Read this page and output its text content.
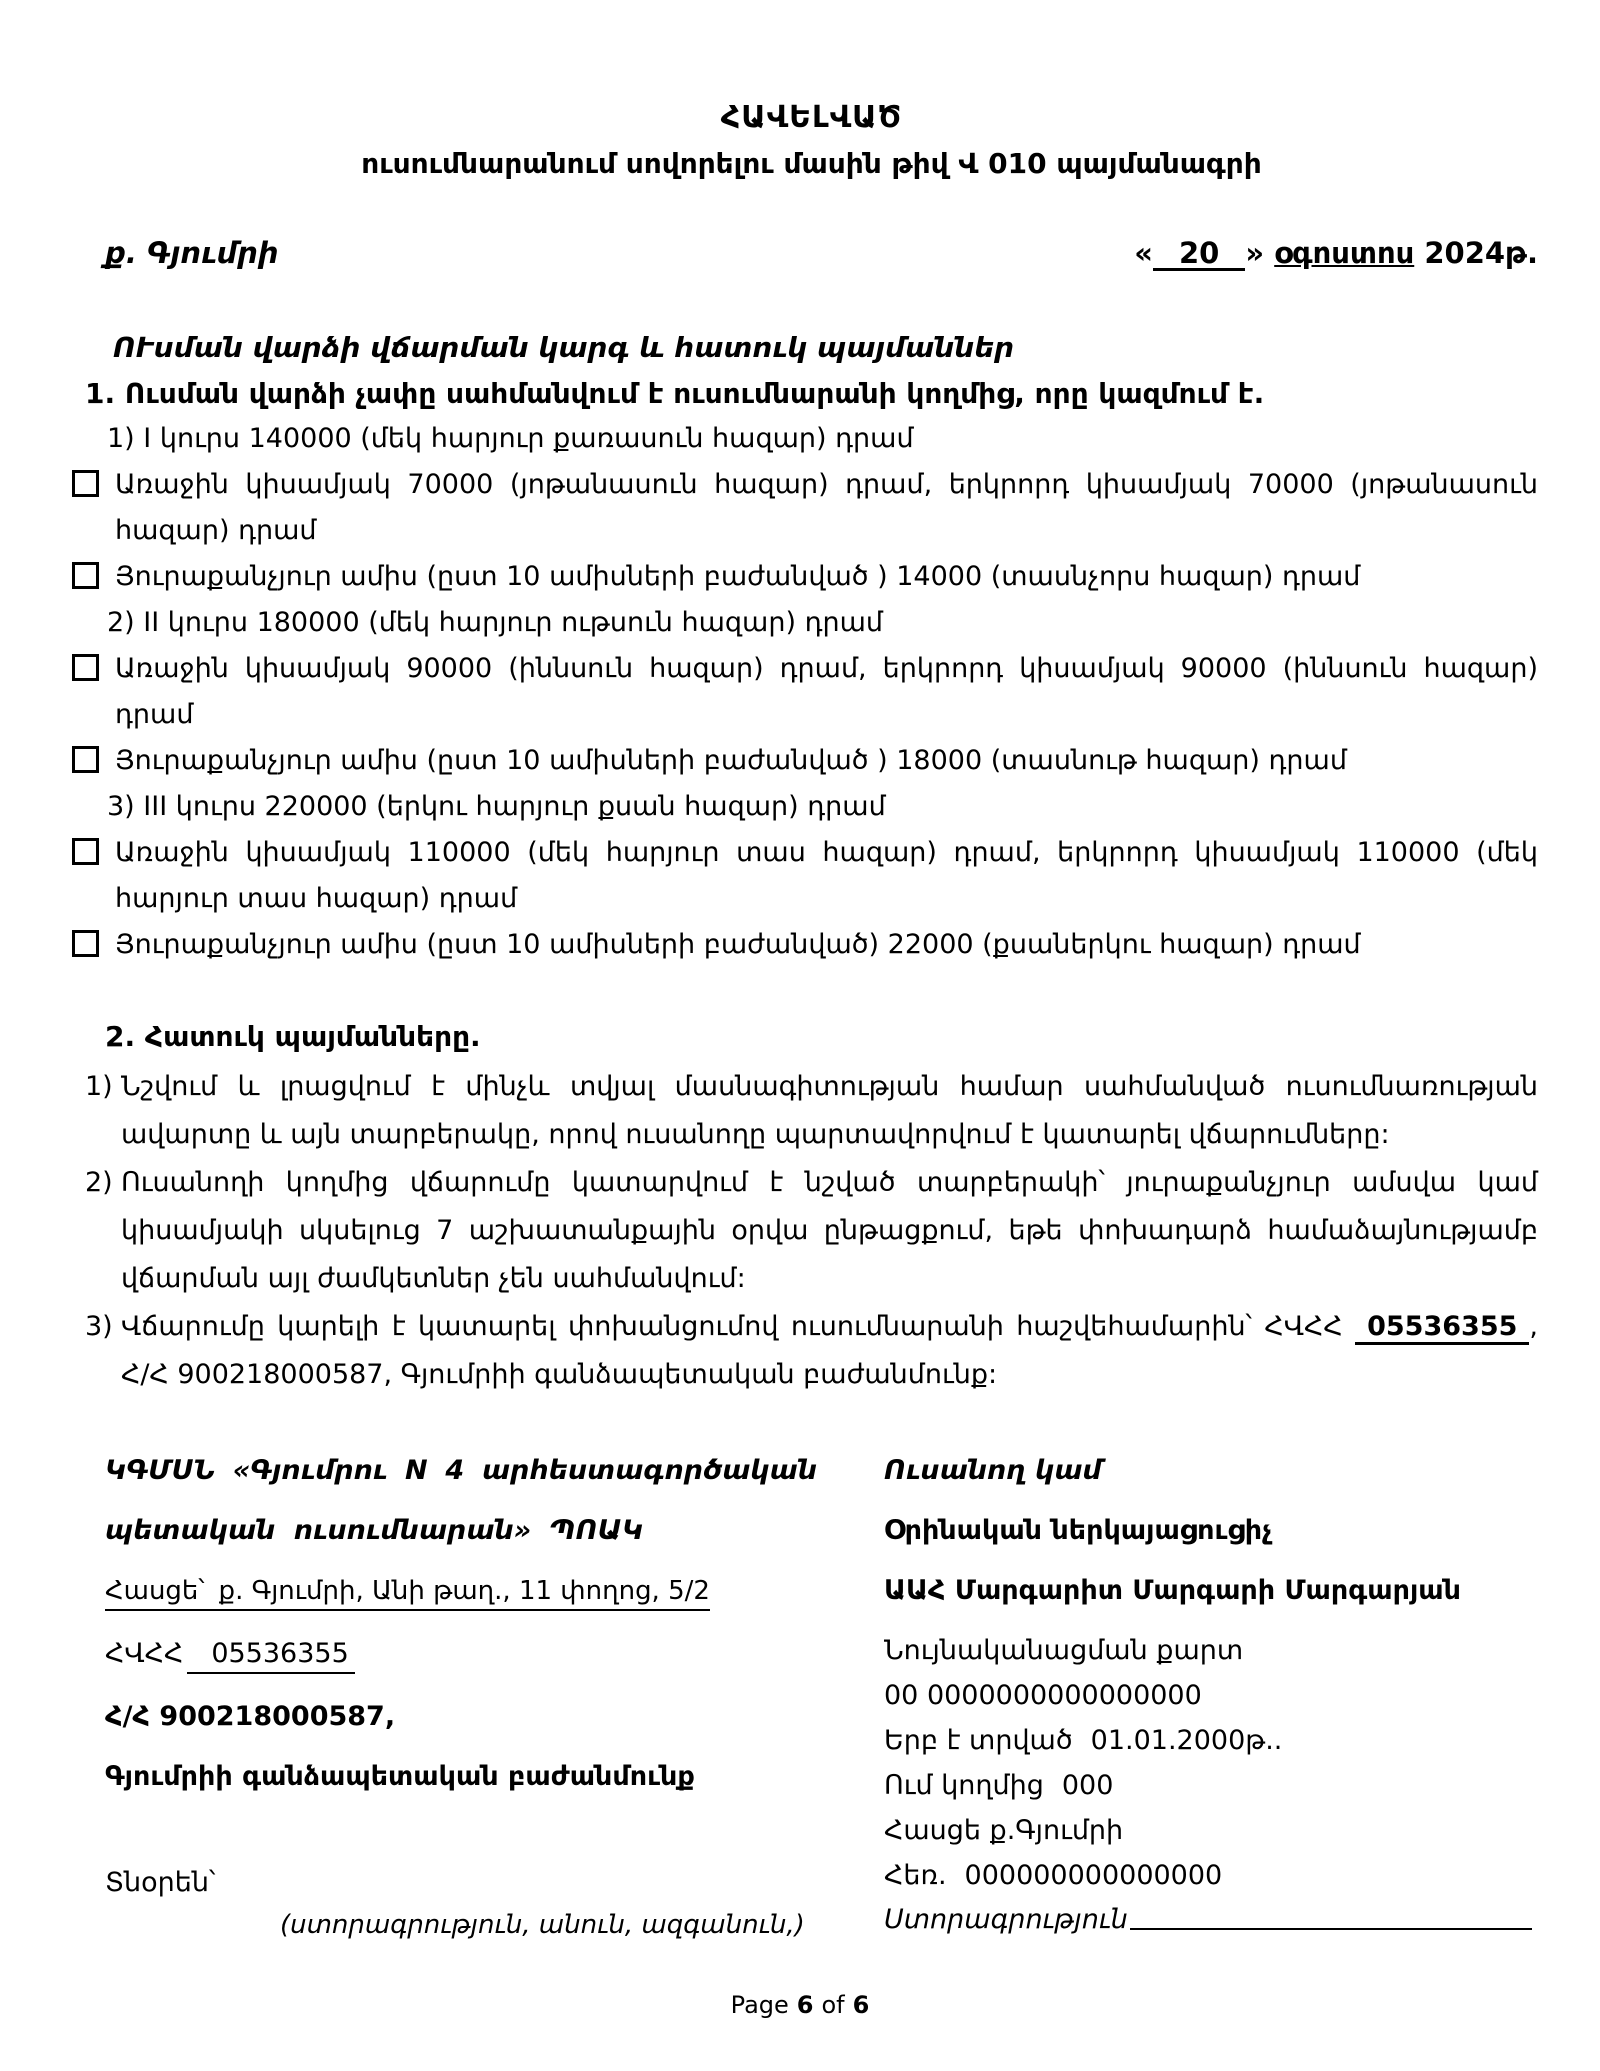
ՀԱՎԵԼՎԱԾ
ուսումնարանում սովորելու մասին թիվ Վ 010 պայմանագրի
ք. Գյումրի	« 20 » օգոստոս 2024թ.
ՈՒսման վարձի վճարման կարգ և հատուկ պայմաններ
1. Ուսման վարձի չափը սահմանվում է ուսումնարանի կողմից, որը կազմում է.
1) I կուրս 140000 (մեկ հարյուր քառասուն հազար) դրամ
Առաջին կիսամյակ 70000 (յոթանասուն հազար) դրամ, երկրորդ կիսամյակ 70000 (յոթանասուն հազար) դրամ
Յուրաքանչյուր ամիս (ըստ 10 ամիսների բաժանված ) 14000 (տասնչորս հազար) դրամ
2) II կուրս 180000 (մեկ հարյուր ութսուն հազար) դրամ
Առաջին կիսամյակ 90000 (իննսուն հազար) դրամ, երկրորդ կիսամյակ 90000 (իննսուն հազար) դրամ
Յուրաքանչյուր ամիս (ըստ 10 ամիսների բաժանված ) 18000 (տասնութ հազար) դրամ
3) III կուրս 220000 (երկու հարյուր քսան հազար) դրամ
Առաջին կիսամյակ 110000 (մեկ հարյուր տաս հազար) դրամ, երկրորդ կիսամյակ 110000 (մեկ հարյուր տաս հազար) դրամ
Յուրաքանչյուր ամիս (ըստ 10 ամիսների բաժանված) 22000 (քսաներկու հազար) դրամ
2. Հատուկ պայմանները.
1) Նշվում և լրացվում է մինչև տվյալ մասնագիտության համար սահմանված ուսումնառության ավարտը և այն տարբերակը, որով ուսանողը պարտավորվում է կատարել վճարումները:
2) Ուսանողի կողմից վճարումը կատարվում է նշված տարբերակի՝ յուրաքանչյուր ամսվա կամ կիսամյակի սկսելուց 7 աշխատանքային օրվա ընթացքում, եթե փոխադարձ համաձայնությամբ վճարման այլ ժամկետներ չեն սահմանվում:
3) Վճարումը կարելի է կատարել փոխանցումով ուսումնարանի հաշվեհամարին՝ ՀՎՀՀ 05536355 , Հ/Հ 900218000587, Գյումրիի գանձապետական բաժանմունք:
ԿԳՄՍՆ «Գյումրու N 4 արհեստագործական
պետական ուսումնարան» ՊՈԱԿ
Հասցե՝ ք. Գյումրի, Անի թաղ., 11 փողոց, 5/2
ՀՎՀՀ 05536355
Հ/Հ 900218000587,
Գյումրիի գանձապետական բաժանմունք
Տնօրեն՝
(ստորագրություն, անուն, ազգանուն,)
Ուսանող կամ
Օրինական ներկայացուցիչ
ԱԱՀ Մարգարիտ Մարգարի Մարգարյան
Նույնականացման քարտ
00 0000000000000000
Երբ է տրված 01.01.2000թ..
Ում կողմից 000
Հասցե ք.Գյումրի
Հեռ. 000000000000000
Ստորագրություն
Page 6 of 6
